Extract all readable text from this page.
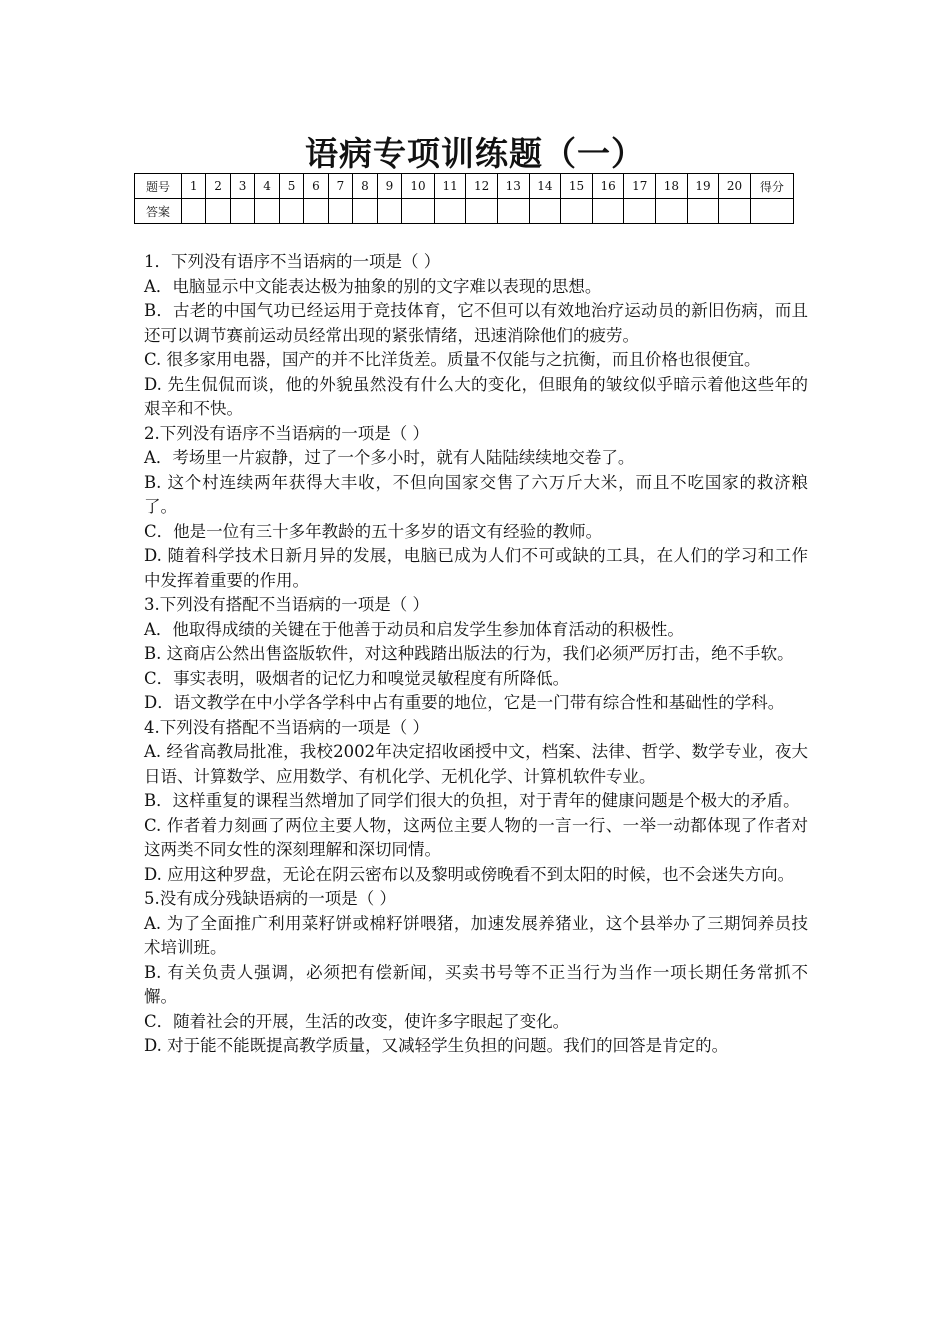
语病专项训练题（一）
题号	1	2	3	4	5	6	7	8	9	10	11	12	13	14	15	16	17	18	19	20	得分
答案																					

1．下列没有语序不当语病的一项是（ ）

A．电脑显示中文能表达极为抽象的别的文字难以表现的思想。

B．古老的中国气功已经运用于竞技体育，它不但可以有效地治疗运动员的新旧伤病，而且还可以调节赛前运动员经常出现的紧张情绪，迅速消除他们的疲劳。

C. 很多家用电器，国产的并不比洋货差。质量不仅能与之抗衡，而且价格也很便宜。

D. 先生侃侃而谈，他的外貌虽然没有什么大的变化，但眼角的皱纹似乎暗示着他这些年的艰辛和不快。

2.下列没有语序不当语病的一项是（ ）

A．考场里一片寂静，过了一个多小时，就有人陆陆续续地交卷了。

B. 这个村连续两年获得大丰收，不但向国家交售了六万斤大米，而且不吃国家的救济粮了。

C．他是一位有三十多年教龄的五十多岁的语文有经验的教师。

D. 随着科学技术日新月异的发展，电脑已成为人们不可或缺的工具，在人们的学习和工作中发挥着重要的作用。

3.下列没有搭配不当语病的一项是（ ）

A．他取得成绩的关键在于他善于动员和启发学生参加体育活动的积极性。

B. 这商店公然出售盗版软件，对这种践踏出版法的行为，我们必须严厉打击，绝不手软。

C．事实表明，吸烟者的记忆力和嗅觉灵敏程度有所降低。

D．语文教学在中小学各学科中占有重要的地位，它是一门带有综合性和基础性的学科。

4.下列没有搭配不当语病的一项是（ ）

A. 经省高教局批准，我校2002年决定招收函授中文，档案、法律、哲学、数学专业，夜大日语、计算数学、应用数学、有机化学、无机化学、计算机软件专业。

B．这样重复的课程当然增加了同学们很大的负担，对于青年的健康问题是个极大的矛盾。

C. 作者着力刻画了两位主要人物，这两位主要人物的一言一行、一举一动都体现了作者对这两类不同女性的深刻理解和深切同情。

D. 应用这种罗盘，无论在阴云密布以及黎明或傍晚看不到太阳的时候，也不会迷失方向。

5.没有成分残缺语病的一项是（ ）

A. 为了全面推广利用菜籽饼或棉籽饼喂猪，加速发展养猪业，这个县举办了三期饲养员技术培训班。

B. 有关负责人强调，必须把有偿新闻，买卖书号等不正当行为当作一项长期任务常抓不懈。

C．随着社会的开展，生活的改变，使许多字眼起了变化。

D. 对于能不能既提高教学质量，又减轻学生负担的问题。我们的回答是肯定的。
